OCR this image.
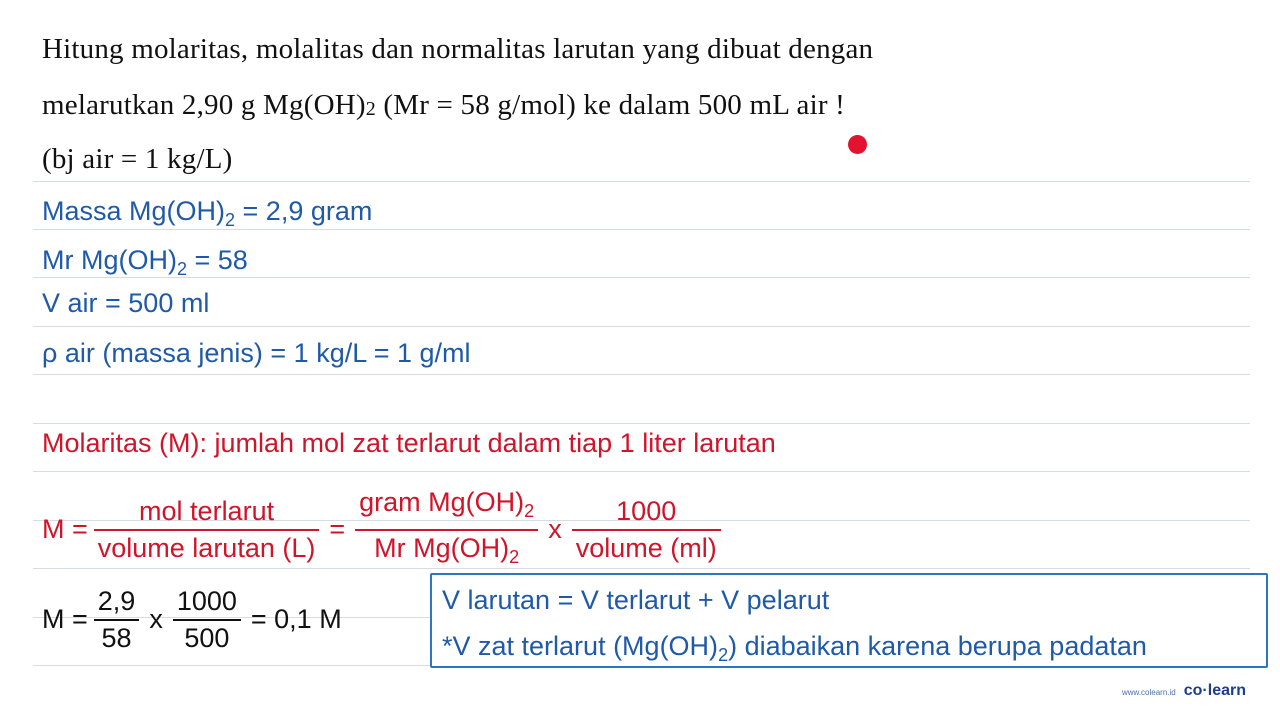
Hitung molaritas, molalitas dan normalitas larutan yang dibuat dengan
melarutkan 2,90 g Mg(OH)2 (Mr = 58 g/mol) ke dalam 500 mL air !
(bj air = 1 kg/L)
Massa $Mg(OH)_2 = 2,9$ gram
Mr $Mg(OH)_2 = 58$
V air = 500 ml
ρ air (massa jenis) = 1 kg/L = 1 g/ml
Molaritas (M): jumlah mol zat terlarut dalam tiap 1 liter larutan
$M = \frac{\text{mol terlarut}}{\text{volume larutan (L)}} = \frac{gram Mg(OH)_2}{Mr Mg(OH)_2}$ x $\frac{1000}{\text{volume (ml)}}$
$M = \frac{2,9}{58}$ x $\frac{1000}{500} = 0,1$ M
V larutan = V terlarut + V pelarut
*V zat terlarut $(Mg(OH)_2)$ diabaikan karena berupa padatan
www.colearn.id co·learn
